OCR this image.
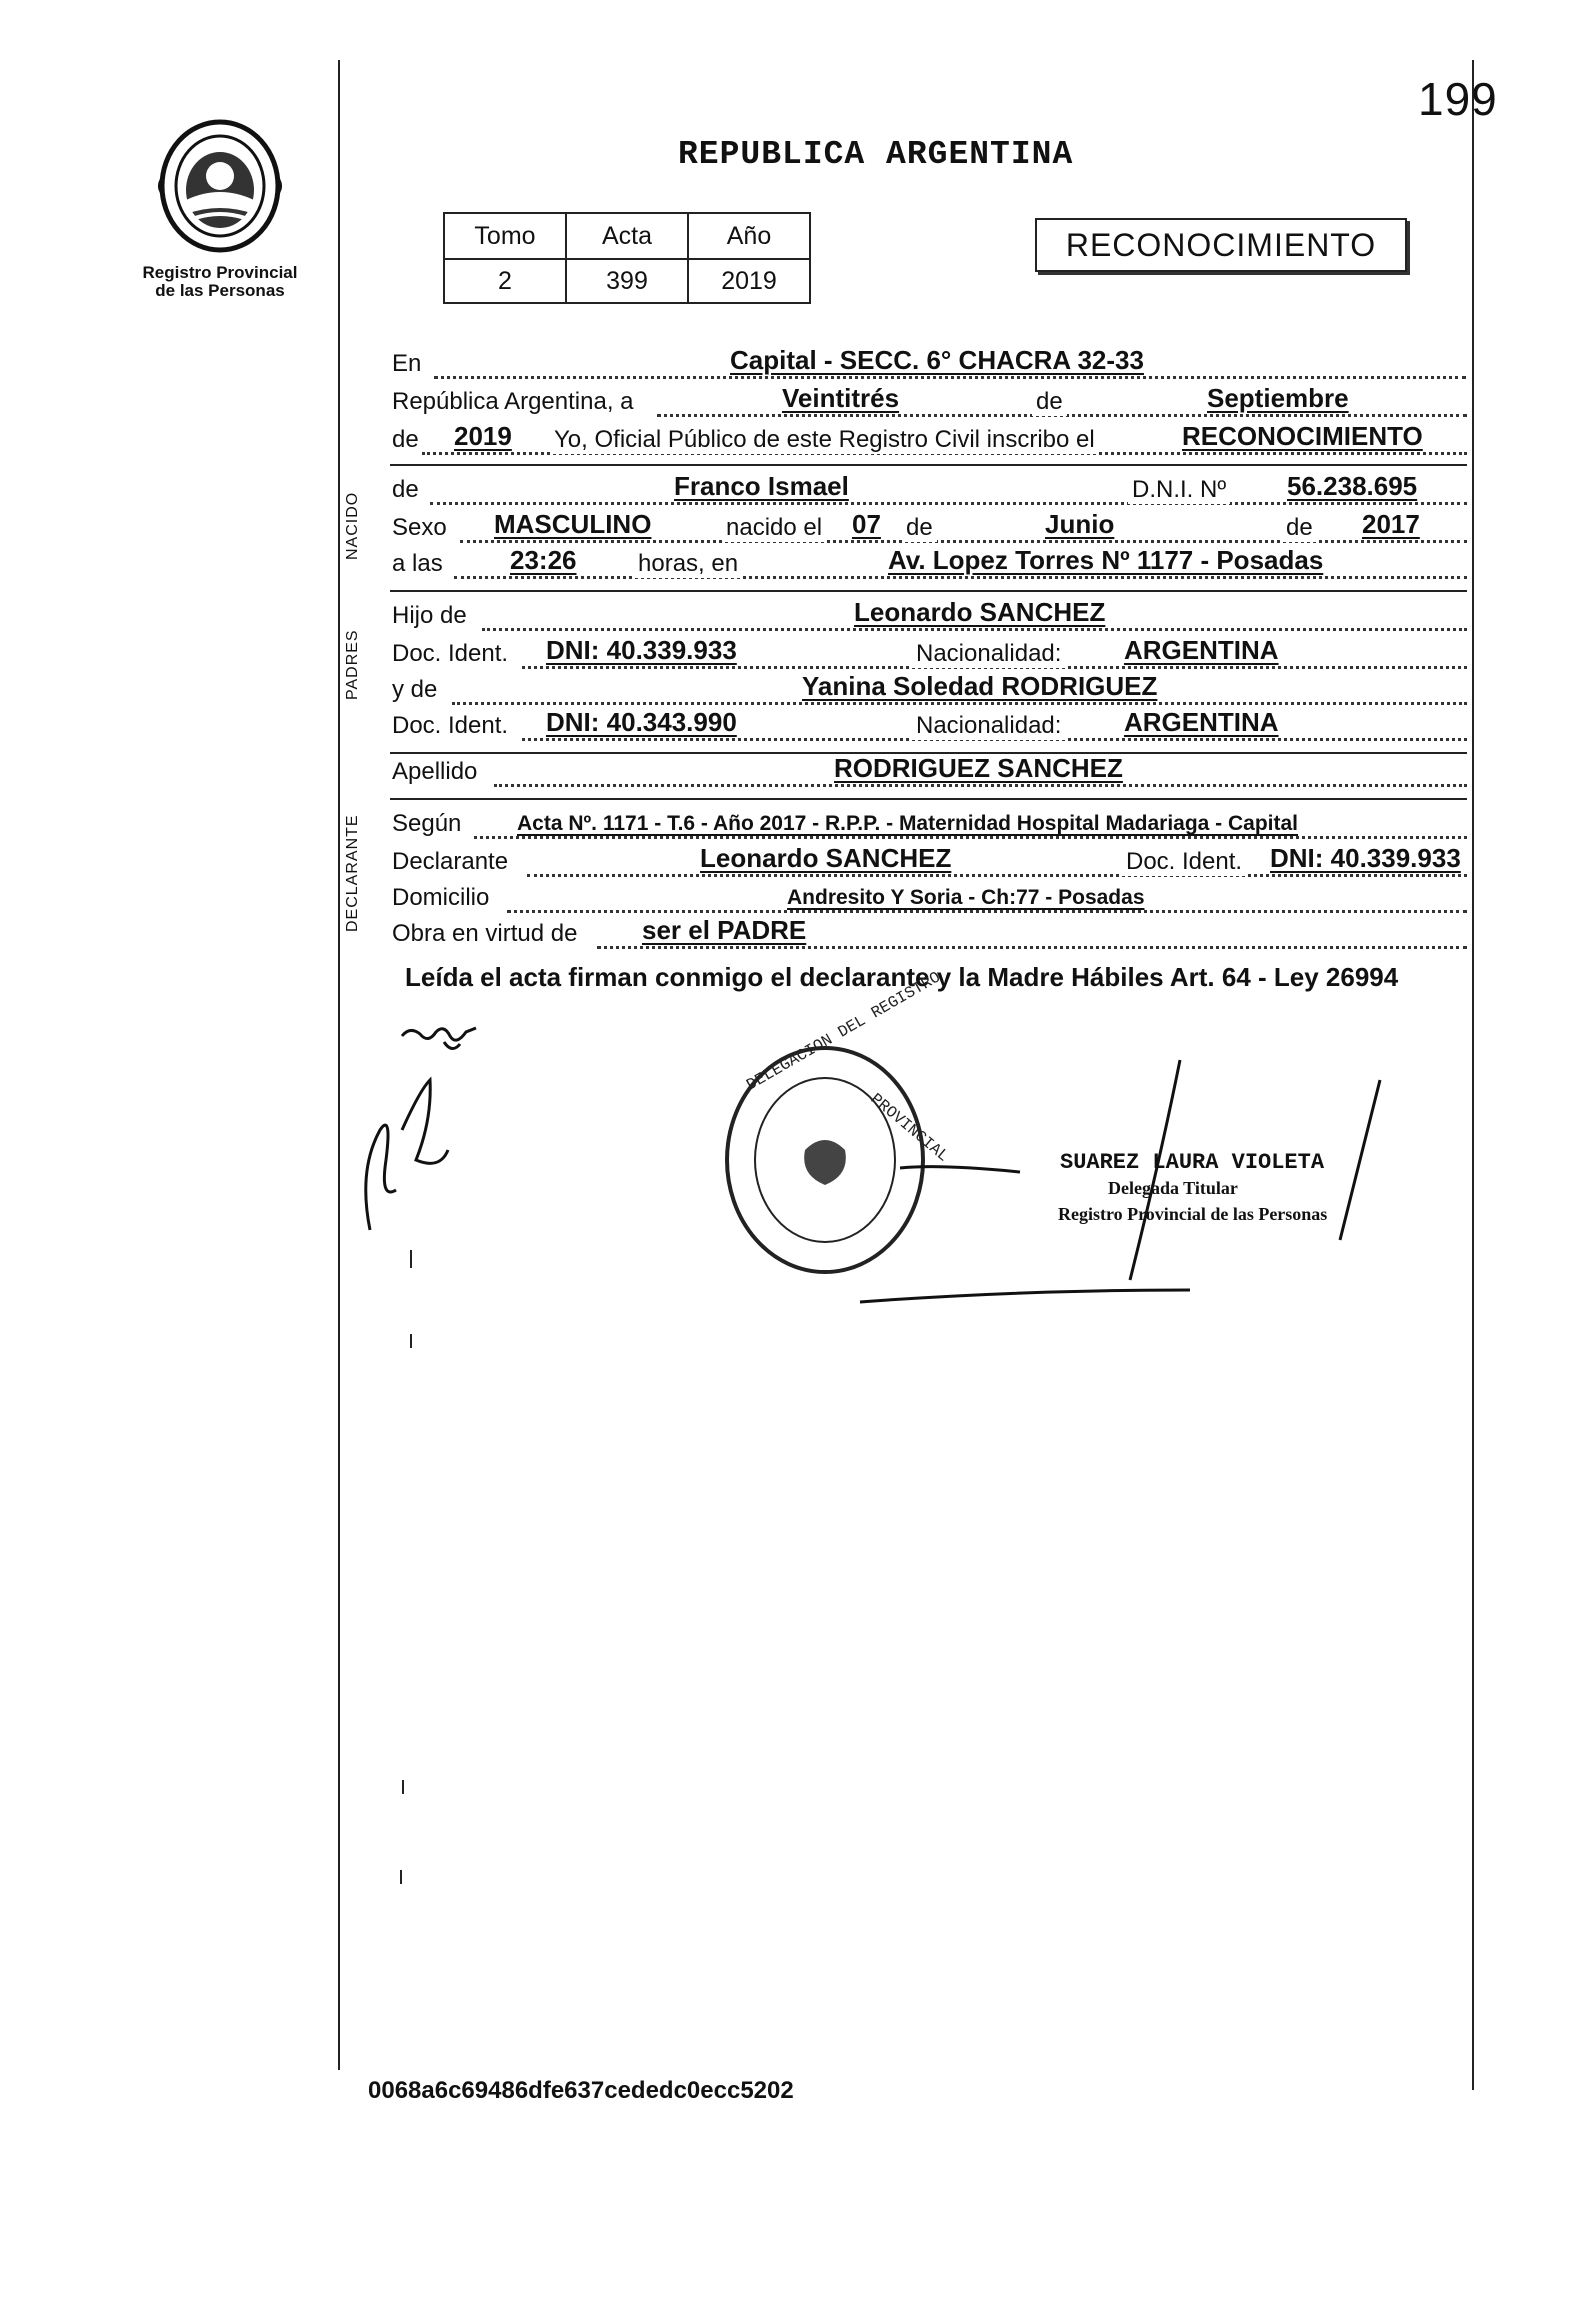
199
Registro Provincial
de las Personas
REPUBLICA ARGENTINA
Tomo	Acta	Año
2	399	2019
RECONOCIMIENTO
En	Capital - SECC. 6° CHACRA 32-33
República Argentina, a	Veintitrés	de	Septiembre
de 2019 Yo, Oficial Público de este Registro Civil inscribo el	RECONOCIMIENTO
NACIDO
de	Franco Ismael	D.N.I. Nº 56.238.695
Sexo MASCULINO	nacido el 07 de	Junio	de 2017
a las	23:26	horas, en	Av. Lopez Torres Nº 1177 - Posadas
PADRES
Hijo de	Leonardo SANCHEZ
Doc. Ident. DNI: 40.339.933	Nacionalidad: ARGENTINA
y de	Yanina Soledad RODRIGUEZ
Doc. Ident. DNI: 40.343.990	Nacionalidad: ARGENTINA
Apellido	RODRIGUEZ SANCHEZ
DECLARANTE Según	Acta Nº. 1171 - T.6 - Año 2017 - R.P.P. - Maternidad Hospital Madariaga - Capital
Declarante	Leonardo SANCHEZ	Doc. Ident. DNI: 40.339.933
Domicilio	Andresito Y Soria - Ch:77 - Posadas
Obra en virtud de ser el PADRE
Leída el acta firman conmigo el declarante y la Madre Hábiles Art. 64 - Ley 26994
DELEGACION DEL REGISTRO
PROVINCIAL	SUAREZ LAURA VIOLETA
Delegada Titular
Registro Provincial de las Personas
0068a6c69486dfe637cededc0ecc5202
